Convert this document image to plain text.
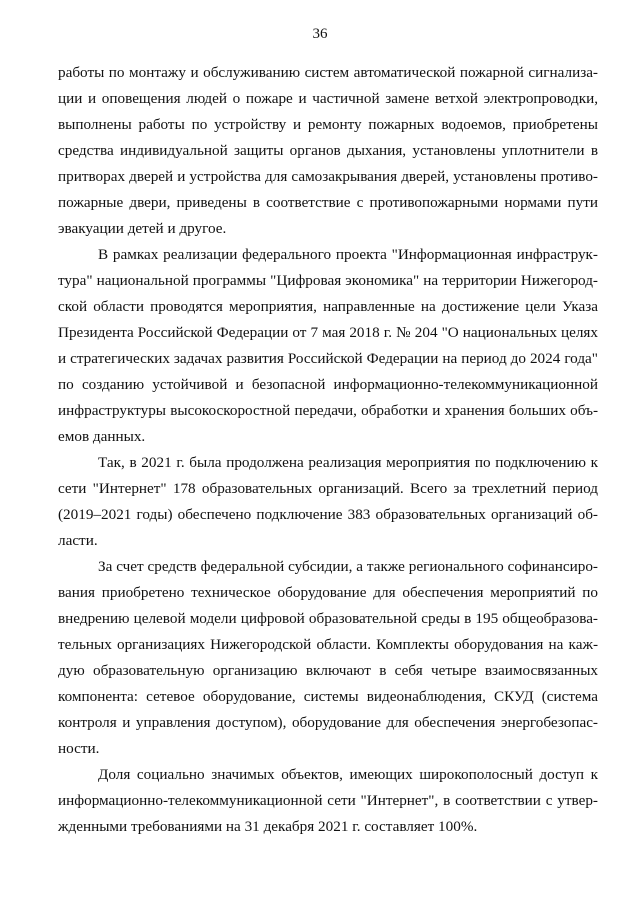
36
работы по монтажу и обслуживанию систем автоматической пожарной сигнализа-
ции и оповещения людей о пожаре и частичной замене ветхой электропроводки,
выполнены работы по устройству и ремонту пожарных водоемов, приобретены
средства индивидуальной защиты органов дыхания, установлены уплотнители в
притворах дверей и устройства для самозакрывания дверей, установлены противо-
пожарные двери, приведены в соответствие с противопожарными нормами пути
эвакуации детей и другое.
В рамках реализации федерального проекта "Информационная инфраструк-
тура" национальной программы "Цифровая экономика" на территории Нижегород-
ской области проводятся мероприятия, направленные на достижение цели Указа
Президента Российской Федерации от 7 мая 2018 г. № 204 "О национальных целях
и стратегических задачах развития Российской Федерации на период до 2024 года"
по созданию устойчивой и безопасной информационно-телекоммуникационной
инфраструктуры высокоскоростной передачи, обработки и хранения больших объ-
емов данных.
Так, в 2021 г. была продолжена реализация мероприятия по подключению к
сети "Интернет" 178 образовательных организаций. Всего за трехлетний период
(2019–2021 годы) обеспечено подключение 383 образовательных организаций об-
ласти.
За счет средств федеральной субсидии, а также регионального софинансиро-
вания приобретено техническое оборудование для обеспечения мероприятий по
внедрению целевой модели цифровой образовательной среды в 195 общеобразова-
тельных организациях Нижегородской области. Комплекты оборудования на каж-
дую образовательную организацию включают в себя четыре взаимосвязанных
компонента: сетевое оборудование, системы видеонаблюдения, СКУД (система
контроля и управления доступом), оборудование для обеспечения энергобезопас-
ности.
Доля социально значимых объектов, имеющих широкополосный доступ к
информационно-телекоммуникационной сети "Интернет", в соответствии с утвер-
жденными требованиями на 31 декабря 2021 г. составляет 100%.
